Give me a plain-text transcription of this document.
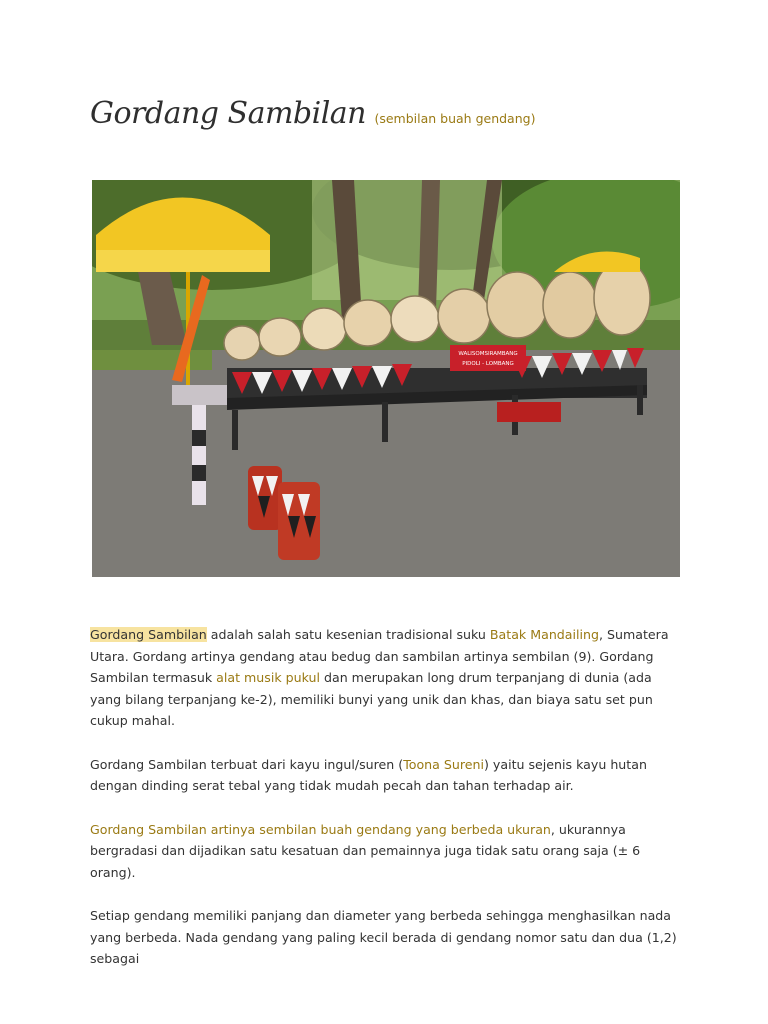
Gordang Sambilan (sembilan buah gendang)
WALISOMSIRAMBANG
PIDOLI - LOMBANG

Gordang Sambilan adalah salah satu kesenian tradisional suku Batak Mandailing, Sumatera Utara. Gordang artinya gendang atau bedug dan sambilan artinya sembilan (9). Gordang Sambilan termasuk alat musik pukul dan merupakan long drum terpanjang di dunia (ada yang bilang terpanjang ke-2), memiliki bunyi yang unik dan khas, dan biaya satu set pun cukup mahal.

Gordang Sambilan terbuat dari kayu ingul/suren (Toona Sureni) yaitu sejenis kayu hutan dengan dinding serat tebal yang tidak mudah pecah dan tahan terhadap air.

Gordang Sambilan artinya sembilan buah gendang yang berbeda ukuran, ukurannya bergradasi dan dijadikan satu kesatuan dan pemainnya juga tidak satu orang saja (± 6 orang).

Setiap gendang memiliki panjang dan diameter yang berbeda sehingga menghasilkan nada yang berbeda. Nada gendang yang paling kecil berada di gendang nomor satu dan dua (1,2) sebagai
